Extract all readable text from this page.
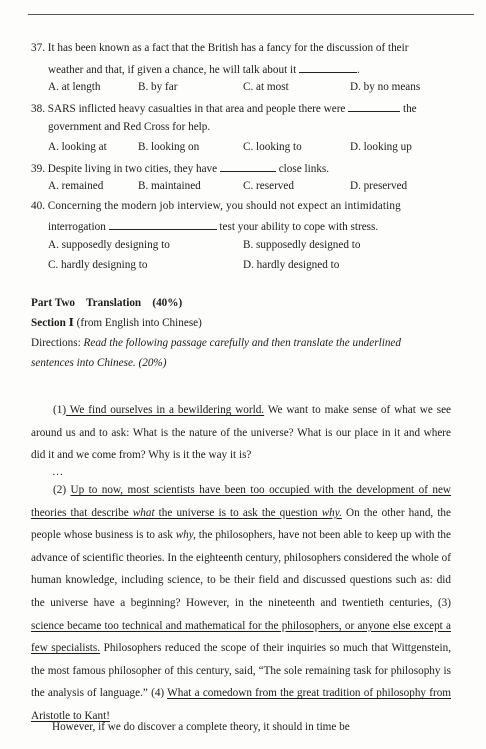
37. It has been known as a fact that the British has a fancy for the discussion of their
weather and that, if given a chance, he will talk about it	.
A. at length	B. by far	C. at most	D. by no means
38. SARS inflicted heavy casualties in that area and people there were	the
government and Red Cross for help.
A. looking at	B. looking on	C. looking to	D. looking up
39. Despite living in two cities, they have	close links.
A. remained	B. maintained	C. reserved	D. preserved
40. Concerning the modern job interview, you should not expect an intimidating
interrogation	test your ability to cope with stress.
A. supposedly designing to	B. supposedly designed to
C. hardly designing to	D. hardly designed to
Part Two Translation (40%)
Section Ⅰ (from English into Chinese)
Directions: Read the following passage carefully and then translate the underlined
sentences into Chinese. (20%)
(1) We find ourselves in a bewildering world. We want to make sense of what we see around us and to ask: What is the nature of the universe? What is our place in it and where did it and we come from? Why is it the way it is?
…
(2) Up to now, most scientists have been too occupied with the development of new theories that describe what the universe is to ask the question why. On the other hand, the people whose business is to ask why, the philosophers, have not been able to keep up with the advance of scientific theories. In the eighteenth century, philosophers considered the whole of human knowledge, including science, to be their field and discussed questions such as: did the universe have a beginning? However, in the nineteenth and twentieth centuries, (3) science became too technical and mathematical for the philosophers, or anyone else except a few specialists. Philosophers reduced the scope of their inquiries so much that Wittgenstein, the most famous philosopher of this century, said, “The sole remaining task for philosophy is the analysis of language.” (4) What a comedown from the great tradition of philosophy from Aristotle to Kant!
However, if we do discover a complete theory, it should in time be
